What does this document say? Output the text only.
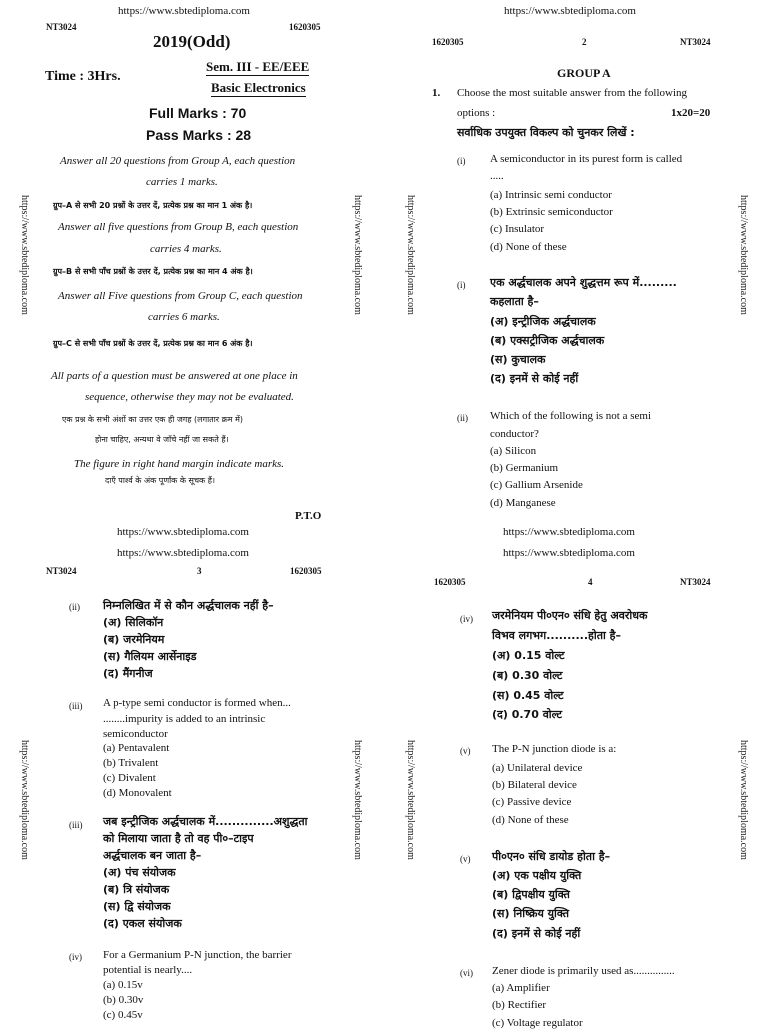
https://www.sbtediploma.com
NT3024	1620305
2019(Odd)
Time : 3Hrs.
Sem. III - EE/EEE
Basic Electronics
Full Marks : 70
Pass Marks : 28
Answer all 20 questions from Group A, each question
carries 1 marks.
ग्रुप–A से सभी 20 प्रश्नों के उत्तर दें, प्रत्येक प्रश्न का मान 1 अंक है।
Answer all five questions from Group B, each question
carries 4 marks.
ग्रुप–B से सभी पाँच प्रश्नों के उत्तर दें, प्रत्येक प्रश्न का मान 4 अंक है।
Answer all Five questions from Group C, each question
carries 6 marks.
ग्रुप–C से सभी पाँच प्रश्नों के उत्तर दें, प्रत्येक प्रश्न का मान 6 अंक है।
All parts of a question must be answered at one place in
sequence, otherwise they may not be evaluated.
एक प्रश्न के सभी अंशों का उत्तर एक ही जगह (लगातार क्रम में)
होना चाहिए, अन्यथा वे जाँचे नहीं जा सकते हैं।
The figure in right hand margin indicate marks.
दाएँ पार्श्व के अंक पूर्णांक के सूचक हैं।
P.T.O
https://www.sbtediploma.com	https://www.sbtediploma.com
https://www.sbtediploma.com
1620305	2	NT3024
GROUP A
1. Choose the most suitable answer from the following
options :	1x20=20
सर्वाधिक उपयुक्त विकल्प को चुनकर लिखें :
(i) A semiconductor in its purest form is called
.....
(a) Intrinsic semi conductor
(b) Extrinsic semiconductor
(c) Insulator
(d) None of these
(i) एक अर्द्धचालक अपने शुद्धत्तम रूप में.........
कहलाता है–
(अ) इन्ट्रीजिक अर्द्धचालक
(ब) एक्सट्रीजिक अर्द्धचालक
(स) कुचालक
(द) इनमें से कोई नहीं
(ii) Which of the following is not a semi
conductor?
(a) Silicon
(b) Germanium
(c) Gallium Arsenide
(d) Manganese
https://www.sbtediploma.com	https://www.sbtediploma.com
https://www.sbtediploma.com
https://www.sbtediploma.com
NT3024	3	1620305
(ii) निम्नलिखित में से कौन अर्द्धचालक नहीं है–
(अ) सिलिकॉन
(ब) जरमेनियम
(स) गैलियम आर्सेनाइड
(द) मैंगनीज
(iii) A p-type semi conductor is formed when...
........impurity is added to an intrinsic
semiconductor
(a) Pentavalent
(b) Trivalent
(c) Divalent
(d) Monovalent
(iii) जब इन्ट्रीजिक अर्द्धचालक में..............अशुद्धता
को मिलाया जाता है तो वह पी०–टाइप
अर्द्धचालक बन जाता है–
(अ) पंच संयोजक
(ब) त्रि संयोजक
(स) द्वि संयोजक
(द) एकल संयोजक
(iv) For a Germanium P-N junction, the barrier
potential is nearly....
(a) 0.15v
(b) 0.30v
(c) 0.45v
https://www.sbtediploma.com	https://www.sbtediploma.com
https://www.sbtediploma.com
https://www.sbtediploma.com
1620305	4	NT3024
(iv) जरमेनियम पी०एन० संधि हेतु अवरोधक
विभव लगभग..........होता है–
(अ) 0.15 वोल्ट
(ब) 0.30 वोल्ट
(स) 0.45 वोल्ट
(द) 0.70 वोल्ट
(v) The P-N junction diode is a:
(a) Unilateral device
(b) Bilateral device
(c) Passive device
(d) None of these
(v) पी०एन० संधि डायोड होता है–
(अ) एक पक्षीय युक्ति
(ब) द्विपक्षीय युक्ति
(स) निष्क्रिय युक्ति
(द) इनमें से कोई नहीं
(vi) Zener diode is primarily used as...............
(a) Amplifier
(b) Rectifier
(c) Voltage regulator
https://www.sbtediploma.com	https://www.sbtediploma.com
